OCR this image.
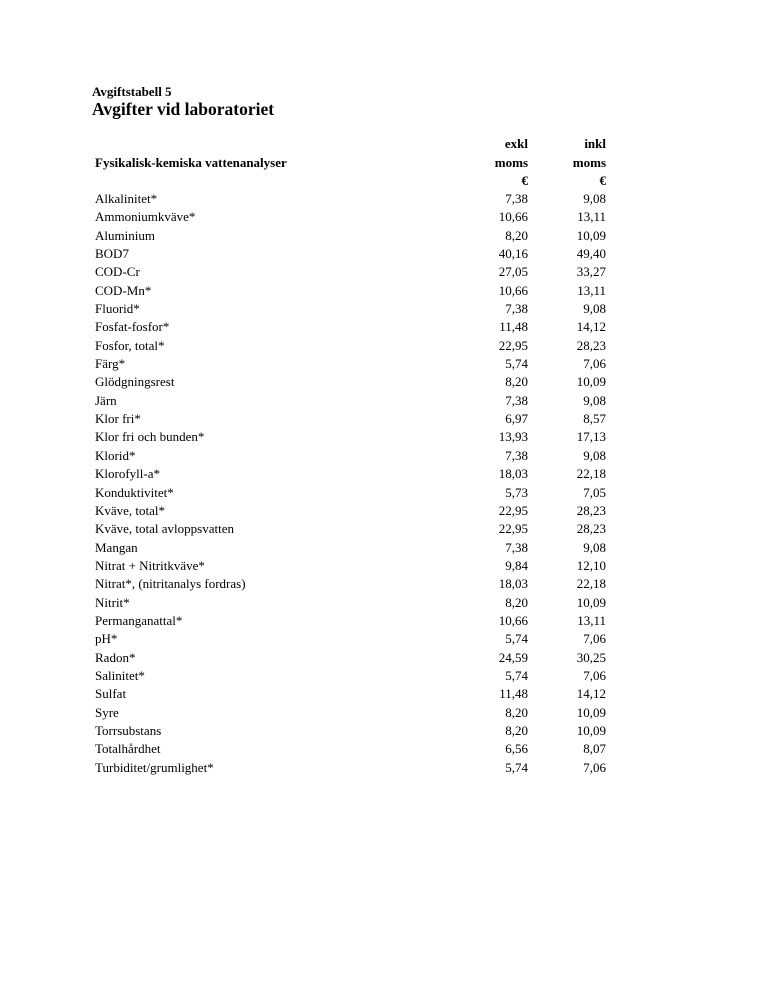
Avgiftstabell 5
Avgifter vid laboratoriet
Fysikalisk-kemiska vattenanalyser
exkl
moms
€
inkl
moms
€
Alkalinitet*	7,38	9,08
Ammoniumkväve*	10,66	13,11
Aluminium	8,20	10,09
BOD7	40,16	49,40
COD-Cr	27,05	33,27
COD-Mn*	10,66	13,11
Fluorid*	7,38	9,08
Fosfat-fosfor*	11,48	14,12
Fosfor, total*	22,95	28,23
Färg*	5,74	7,06
Glödgningsrest	8,20	10,09
Järn	7,38	9,08
Klor fri*	6,97	8,57
Klor fri och bunden*	13,93	17,13
Klorid*	7,38	9,08
Klorofyll-a*	18,03	22,18
Konduktivitet*	5,73	7,05
Kväve, total*	22,95	28,23
Kväve, total avloppsvatten	22,95	28,23
Mangan	7,38	9,08
Nitrat + Nitritkväve*	9,84	12,10
Nitrat*, (nitritanalys fordras)	18,03	22,18
Nitrit*	8,20	10,09
Permanganattal*	10,66	13,11
pH*	5,74	7,06
Radon*	24,59	30,25
Salinitet*	5,74	7,06
Sulfat	11,48	14,12
Syre	8,20	10,09
Torrsubstans	8,20	10,09
Totalhårdhet	6,56	8,07
Turbiditet/grumlighet*	5,74	7,06
